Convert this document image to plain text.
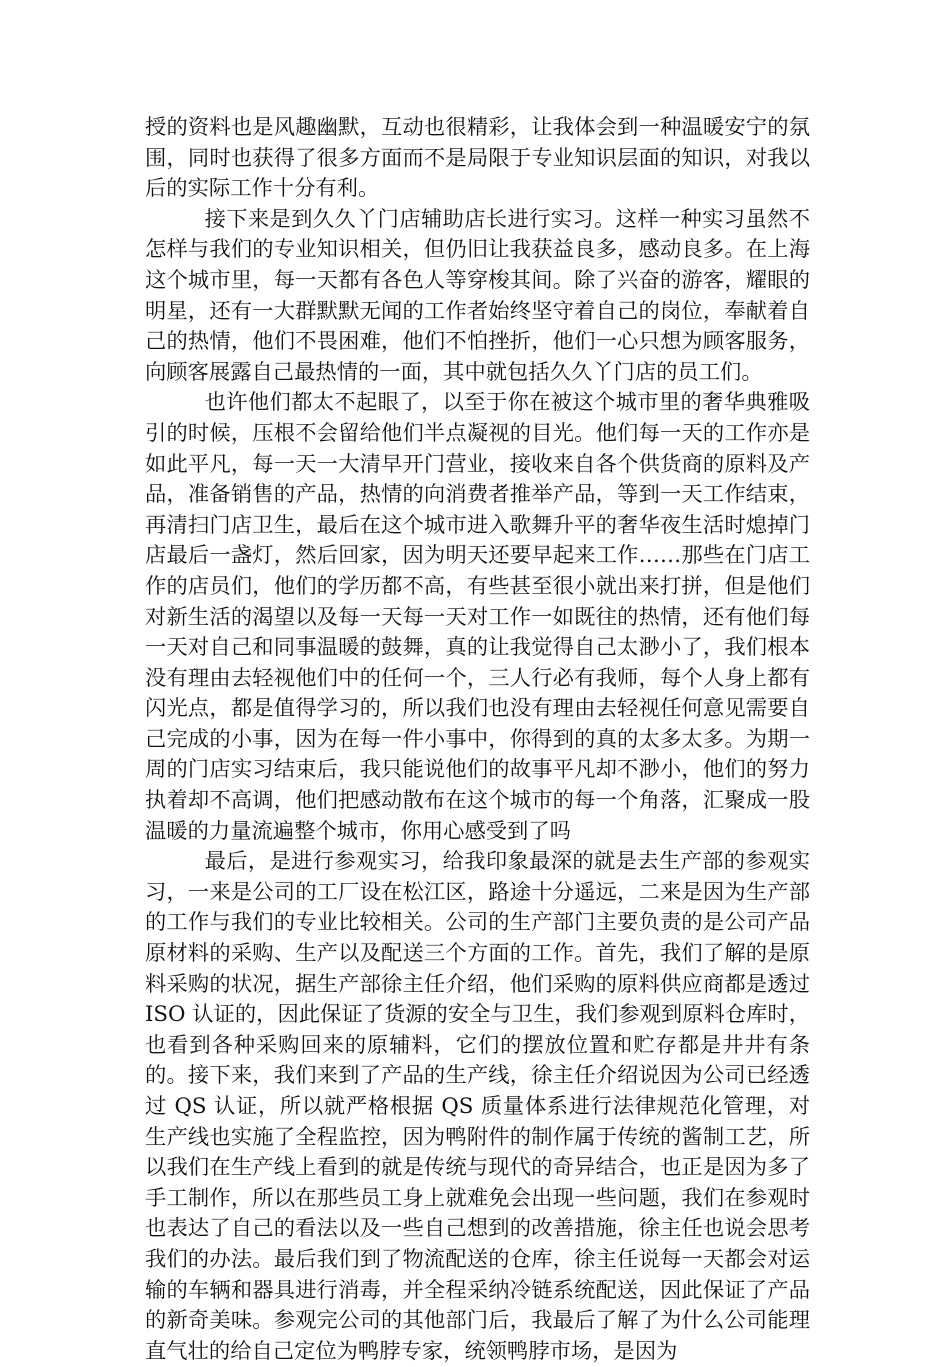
授的资料也是风趣幽默，互动也很精彩，让我体会到一种温暖安宁的氛围，同时也获得了很多方面而不是局限于专业知识层面的知识，对我以后的实际工作十分有利。

接下来是到久久丫门店辅助店长进行实习。这样一种实习虽然不怎样与我们的专业知识相关，但仍旧让我获益良多，感动良多。在上海这个城市里，每一天都有各色人等穿梭其间。除了兴奋的游客，耀眼的明星，还有一大群默默无闻的工作者始终坚守着自己的岗位，奉献着自己的热情，他们不畏困难，他们不怕挫折，他们一心只想为顾客服务，向顾客展露自己最热情的一面，其中就包括久久丫门店的员工们。

也许他们都太不起眼了，以至于你在被这个城市里的奢华典雅吸引的时候，压根不会留给他们半点凝视的目光。他们每一天的工作亦是如此平凡，每一天一大清早开门营业，接收来自各个供货商的原料及产品，准备销售的产品，热情的向消费者推举产品，等到一天工作结束，再清扫门店卫生，最后在这个城市进入歌舞升平的奢华夜生活时熄掉门店最后一盏灯，然后回家，因为明天还要早起来工作……那些在门店工作的店员们，他们的学历都不高，有些甚至很小就出来打拼，但是他们对新生活的渴望以及每一天每一天对工作一如既往的热情，还有他们每一天对自己和同事温暖的鼓舞，真的让我觉得自己太渺小了，我们根本没有理由去轻视他们中的任何一个，三人行必有我师，每个人身上都有闪光点，都是值得学习的，所以我们也没有理由去轻视任何意见需要自己完成的小事，因为在每一件小事中，你得到的真的太多太多。为期一周的门店实习结束后，我只能说他们的故事平凡却不渺小，他们的努力执着却不高调，他们把感动散布在这个城市的每一个角落，汇聚成一股温暖的力量流遍整个城市，你用心感受到了吗

最后，是进行参观实习，给我印象最深的就是去生产部的参观实习，一来是公司的工厂设在松江区，路途十分遥远，二来是因为生产部的工作与我们的专业比较相关。公司的生产部门主要负责的是公司产品原材料的采购、生产以及配送三个方面的工作。首先，我们了解的是原料采购的状况，据生产部徐主任介绍，他们采购的原料供应商都是透过 ISO 认证的，因此保证了货源的安全与卫生，我们参观到原料仓库时，也看到各种采购回来的原辅料，它们的摆放位置和贮存都是井井有条的。接下来，我们来到了产品的生产线，徐主任介绍说因为公司已经透过 QS 认证，所以就严格根据 QS 质量体系进行法律规范化管理，对生产线也实施了全程监控，因为鸭附件的制作属于传统的酱制工艺，所以我们在生产线上看到的就是传统与现代的奇异结合，也正是因为多了手工制作，所以在那些员工身上就难免会出现一些问题，我们在参观时也表达了自己的看法以及一些自己想到的改善措施，徐主任也说会思考我们的办法。最后我们到了物流配送的仓库，徐主任说每一天都会对运输的车辆和器具进行消毒，并全程采纳冷链系统配送，因此保证了产品的新奇美味。参观完公司的其他部门后，我最后了解了为什么公司能理直气壮的给自己定位为鸭脖专家，统领鸭脖市场，是因为
